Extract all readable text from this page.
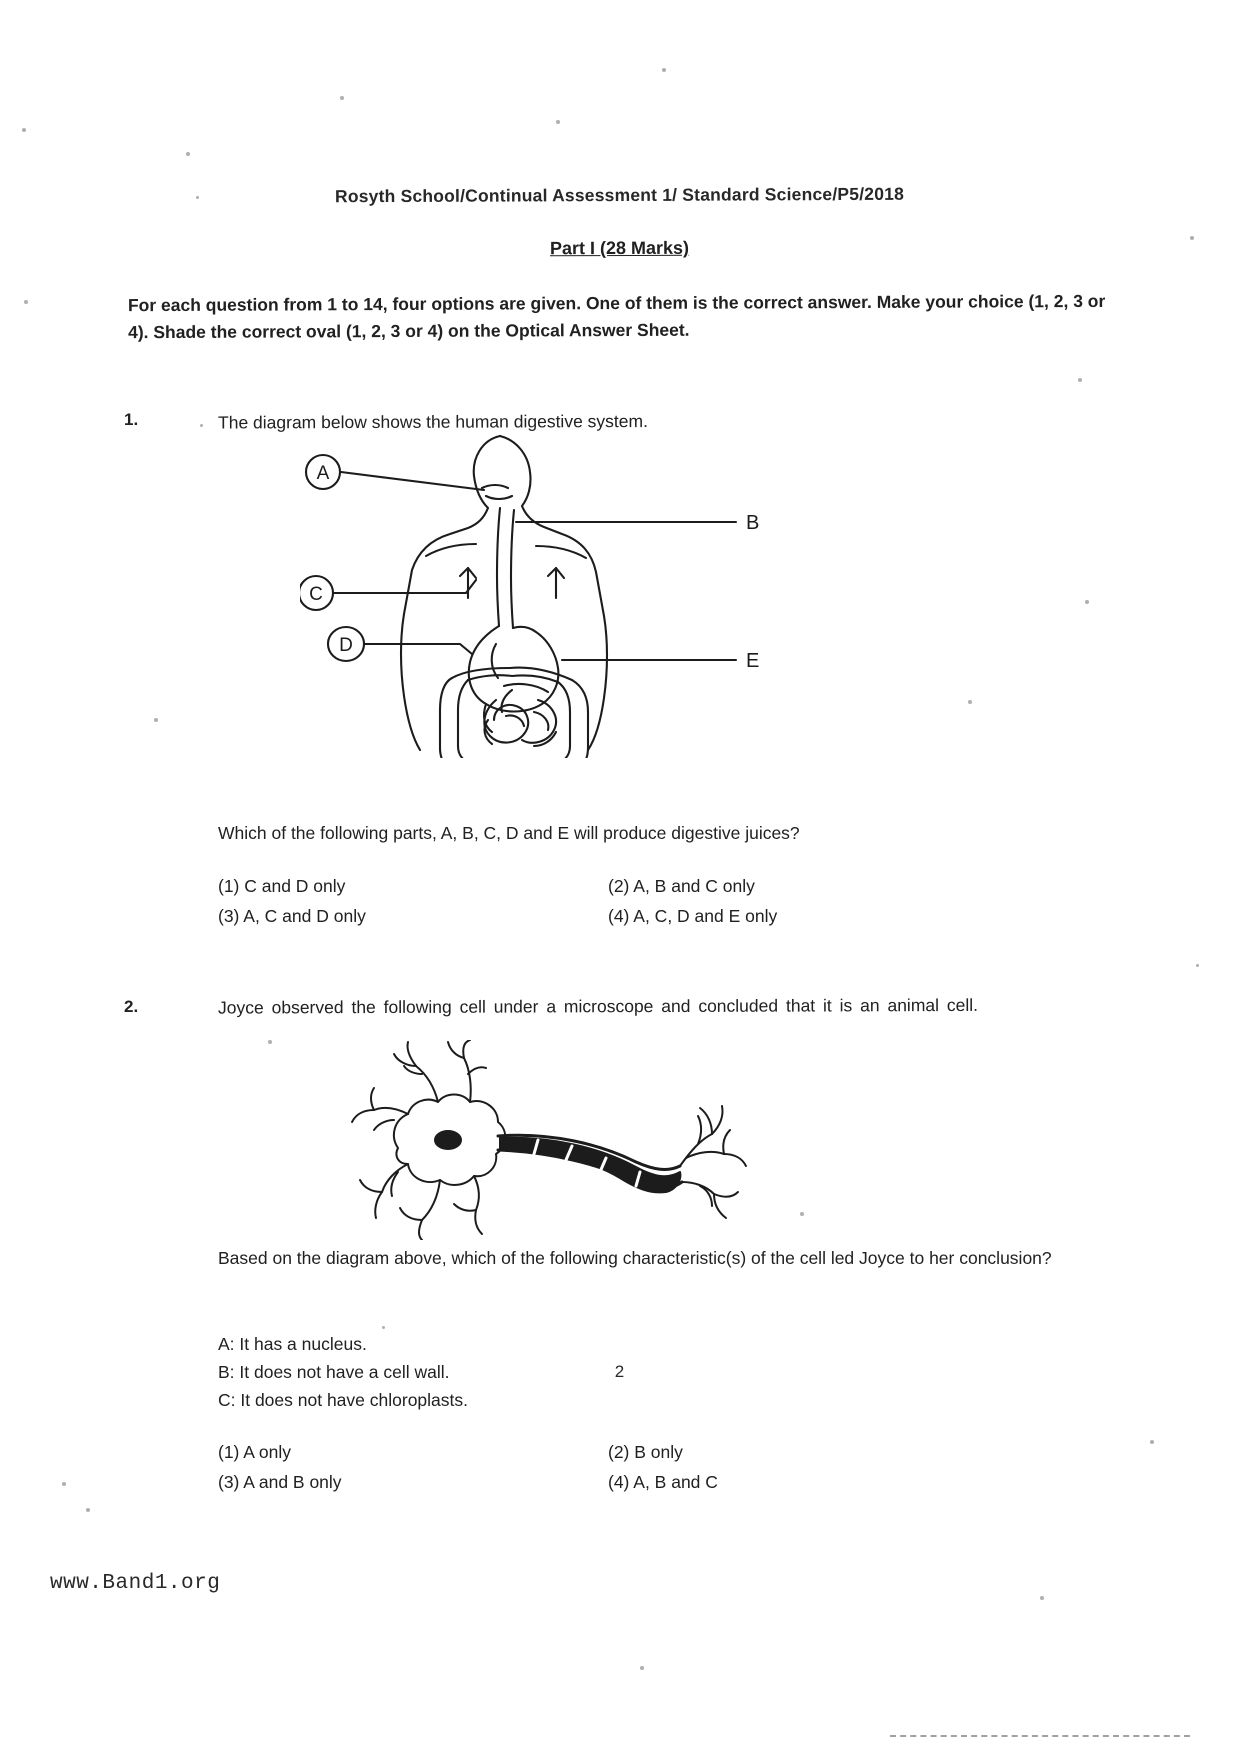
Rosyth School/Continual Assessment 1/ Standard Science/P5/2018
Part I (28 Marks)
For each question from 1 to 14, four options are given. One of them is the correct answer. Make your choice (1, 2, 3 or 4). Shade the correct oval (1, 2, 3 or 4) on the Optical Answer Sheet.
1.	The diagram below shows the human digestive system.
A
B
C
D
E
Which of the following parts, A, B, C, D and E will produce digestive juices?
(1) C and D only	(2) A, B and C only
(3) A, C and D only	(4) A, C, D and E only
2.	Joyce observed the following cell under a microscope and concluded that it is an animal cell.
Based on the diagram above, which of the following characteristic(s) of the cell led Joyce to her conclusion?
A: It has a nucleus.
B: It does not have a cell wall.
C: It does not have chloroplasts.
(1) A only	(2) B only
(3) A and B only	(4) A, B and C
2
www.Band1.org
